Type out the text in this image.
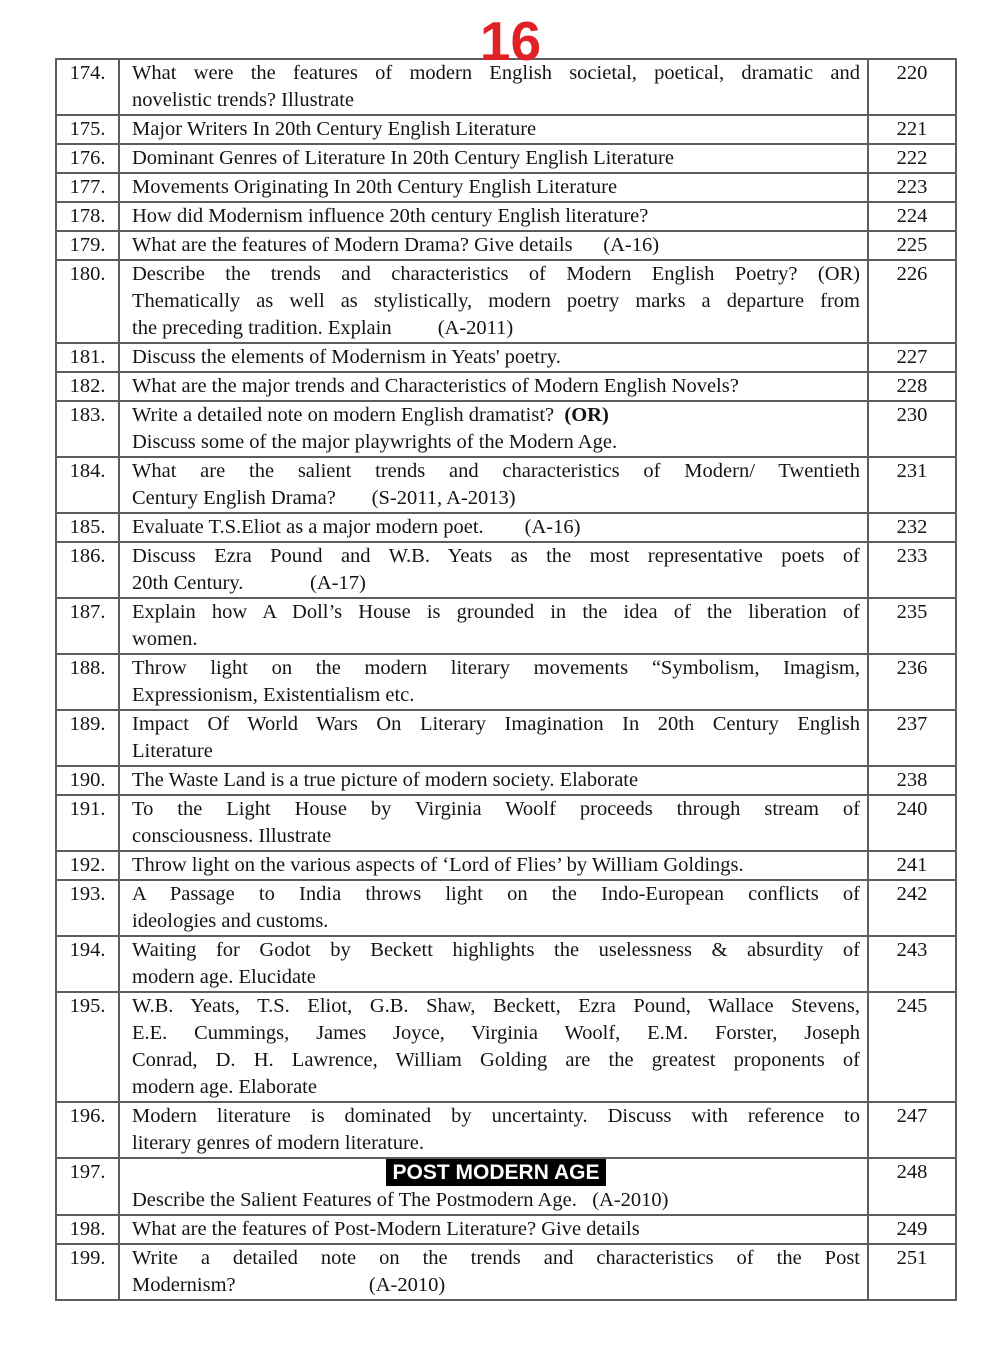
16
174.	What were the features of modern English societal, poetical, dramatic and
novelistic trends? Illustrate	220
175.	Major Writers In 20th Century English Literature	221
176.	Dominant Genres of Literature In 20th Century English Literature	222
177.	Movements Originating In 20th Century English Literature	223
178.	How did Modernism influence 20th century English literature?	224
179.	What are the features of Modern Drama? Give details      (A-16)	225
180.	Describe the trends and characteristics of Modern English Poetry? (OR)
Thematically as well as stylistically, modern poetry marks a departure from
the preceding tradition. Explain         (A-2011)	226
181.	Discuss the elements of Modernism in Yeats' poetry.	227
182.	What are the major trends and Characteristics of Modern English Novels?	228
183.	Write a detailed note on modern English dramatist?  (OR)
Discuss some of the major playwrights of the Modern Age.	230
184.	What are the salient trends and characteristics of Modern/ Twentieth
Century English Drama?       (S-2011, A-2013)	231
185.	Evaluate T.S.Eliot as a major modern poet.        (A-16)	232
186.	Discuss Ezra Pound and W.B. Yeats as the most representative poets of
20th Century.             (A-17)	233
187.	Explain how A Doll’s House is grounded in the idea of the liberation of
women.	235
188.	Throw light on the modern literary movements “Symbolism, Imagism,
Expressionism, Existentialism etc.	236
189.	Impact Of World Wars On Literary Imagination In 20th Century English
Literature	237
190.	The Waste Land is a true picture of modern society. Elaborate	238
191.	To the Light House by Virginia Woolf proceeds through stream of
consciousness. Illustrate	240
192.	Throw light on the various aspects of ‘Lord of Flies’ by William Goldings.	241
193.	A Passage to India throws light on the Indo-European conflicts of
ideologies and customs.	242
194.	Waiting for Godot by Beckett highlights the uselessness & absurdity of
modern age. Elucidate	243
195.	W.B. Yeats, T.S. Eliot, G.B. Shaw, Beckett, Ezra Pound, Wallace Stevens,
E.E. Cummings, James Joyce, Virginia Woolf, E.M. Forster, Joseph
Conrad, D. H. Lawrence, William Golding are the greatest proponents of
modern age. Elaborate	245
196.	Modern literature is dominated by uncertainty. Discuss with reference to
literary genres of modern literature.	247
197.	POST MODERN AGE
Describe the Salient Features of The Postmodern Age.   (A-2010)	248
198.	What are the features of Post-Modern Literature? Give details	249
199.	Write a detailed note on the trends and characteristics of the Post
Modernism?                          (A-2010)	251
